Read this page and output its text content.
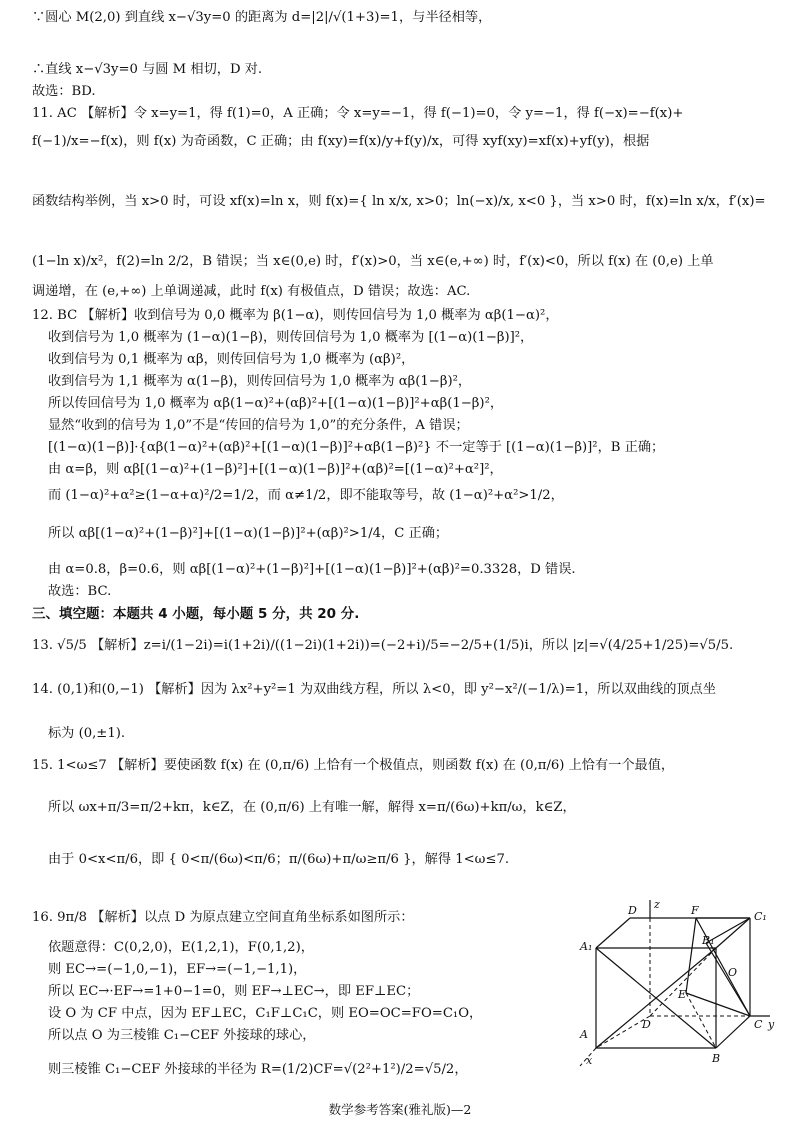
∵圆心 M(2,0) 到直线 x−√3y=0 的距离为 d=|2|/√(1+3)=1，与半径相等，
∴直线 x−√3y=0 与圆 M 相切，D 对.
故选：BD.
11. AC 【解析】令 x=y=1，得 f(1)=0，A 正确；令 x=y=−1，得 f(−1)=0，令 y=−1，得 f(−x)=−f(x)+
f(−1)/x=−f(x)，则 f(x) 为奇函数，C 正确；由 f(xy)=f(x)/y+f(y)/x，可得 xyf(xy)=xf(x)+yf(y)，根据
函数结构举例，当 x>0 时，可设 xf(x)=ln x，则 f(x)={ ln x/x, x>0；ln(−x)/x, x<0 }，当 x>0 时，f(x)=ln x/x，f′(x)=
(1−ln x)/x²，f(2)=ln 2/2，B 错误；当 x∈(0,e) 时，f′(x)>0，当 x∈(e,+∞) 时，f′(x)<0，所以 f(x) 在 (0,e) 上单
调递增，在 (e,+∞) 上单调递减，此时 f(x) 有极值点，D 错误；故选：AC.
12. BC 【解析】收到信号为 0,0 概率为 β(1−α)，则传回信号为 1,0 概率为 αβ(1−α)²，
收到信号为 1,0 概率为 (1−α)(1−β)，则传回信号为 1,0 概率为 [(1−α)(1−β)]²，
收到信号为 0,1 概率为 αβ，则传回信号为 1,0 概率为 (αβ)²，
收到信号为 1,1 概率为 α(1−β)，则传回信号为 1,0 概率为 αβ(1−β)²，
所以传回信号为 1,0 概率为 αβ(1−α)²+(αβ)²+[(1−α)(1−β)]²+αβ(1−β)²，
显然“收到的信号为 1,0”不是“传回的信号为 1,0”的充分条件，A 错误；
[(1−α)(1−β)]·{αβ(1−α)²+(αβ)²+[(1−α)(1−β)]²+αβ(1−β)²} 不一定等于 [(1−α)(1−β)]²，B 正确；
由 α=β，则 αβ[(1−α)²+(1−β)²]+[(1−α)(1−β)]²+(αβ)²=[(1−α)²+α²]²，
而 (1−α)²+α²≥(1−α+α)²/2=1/2，而 α≠1/2，即不能取等号，故 (1−α)²+α²>1/2，
所以 αβ[(1−α)²+(1−β)²]+[(1−α)(1−β)]²+(αβ)²>1/4，C 正确；
由 α=0.8，β=0.6，则 αβ[(1−α)²+(1−β)²]+[(1−α)(1−β)]²+(αβ)²=0.3328，D 错误.
故选：BC.
三、填空题：本题共 4 小题，每小题 5 分，共 20 分.
13. √5/5 【解析】z=i/(1−2i)=i(1+2i)/((1−2i)(1+2i))=(−2+i)/5=−2/5+(1/5)i，所以 |z|=√(4/25+1/25)=√5/5.
14. (0,1)和(0,−1) 【解析】因为 λx²+y²=1 为双曲线方程，所以 λ<0，即 y²−x²/(−1/λ)=1，所以双曲线的顶点坐
标为 (0,±1).
15. 1<ω≤7 【解析】要使函数 f(x) 在 (0,π/6) 上恰有一个极值点，则函数 f(x) 在 (0,π/6) 上恰有一个最值，
所以 ωx+π/3=π/2+kπ，k∈Z，在 (0,π/6) 上有唯一解，解得 x=π/(6ω)+kπ/ω，k∈Z，
由于 0<x<π/6，即 { 0<π/(6ω)<π/6；π/(6ω)+π/ω≥π/6 }，解得 1<ω≤7.
16. 9π/8 【解析】以点 D 为原点建立空间直角坐标系如图所示：
依题意得：C(0,2,0)，E(1,2,1)，F(0,1,2)，
则 EC→=(−1,0,−1)，EF→=(−1,−1,1)，
所以 EC→·EF→=1+0−1=0，则 EF→⊥EC→，即 EF⊥EC；
设 O 为 CF 中点，因为 EF⊥EC，C₁F⊥C₁C，则 EO=OC=FO=C₁O，
所以点 O 为三棱锥 C₁−CEF 外接球的球心，
则三棱锥 C₁−CEF 外接球的半径为 R=(1/2)CF=√(2²+1²)/2=√5/2，
D z	F	C₁
A₁	B₁
O
E
A
D	C y
x	B
数学参考答案(雅礼版)—2
